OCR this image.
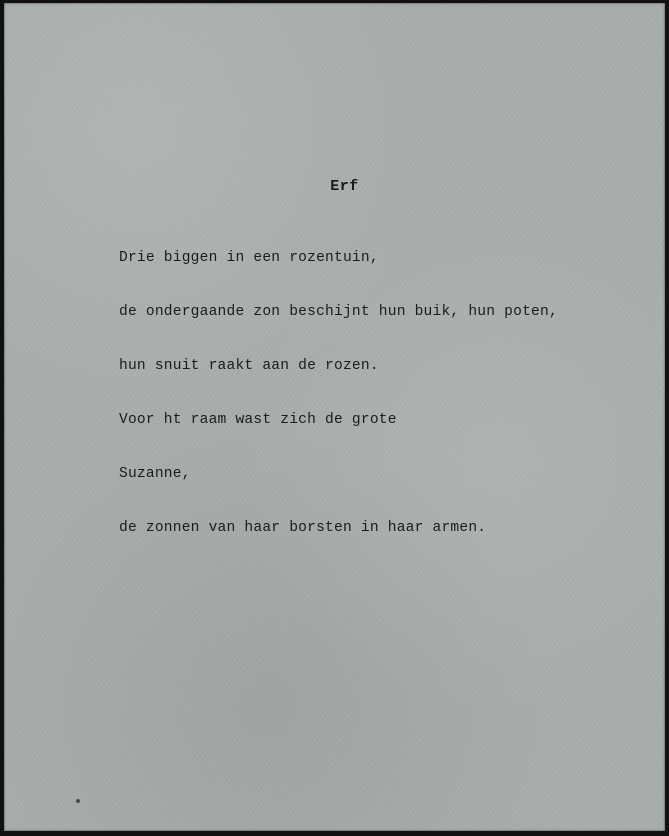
Erf

Drie biggen in een rozentuin,

de ondergaande zon beschijnt hun buik, hun poten,

hun snuit raakt aan de rozen.

Voor ht raam wast zich de grote

Suzanne,

de zonnen van haar borsten in haar armen.
